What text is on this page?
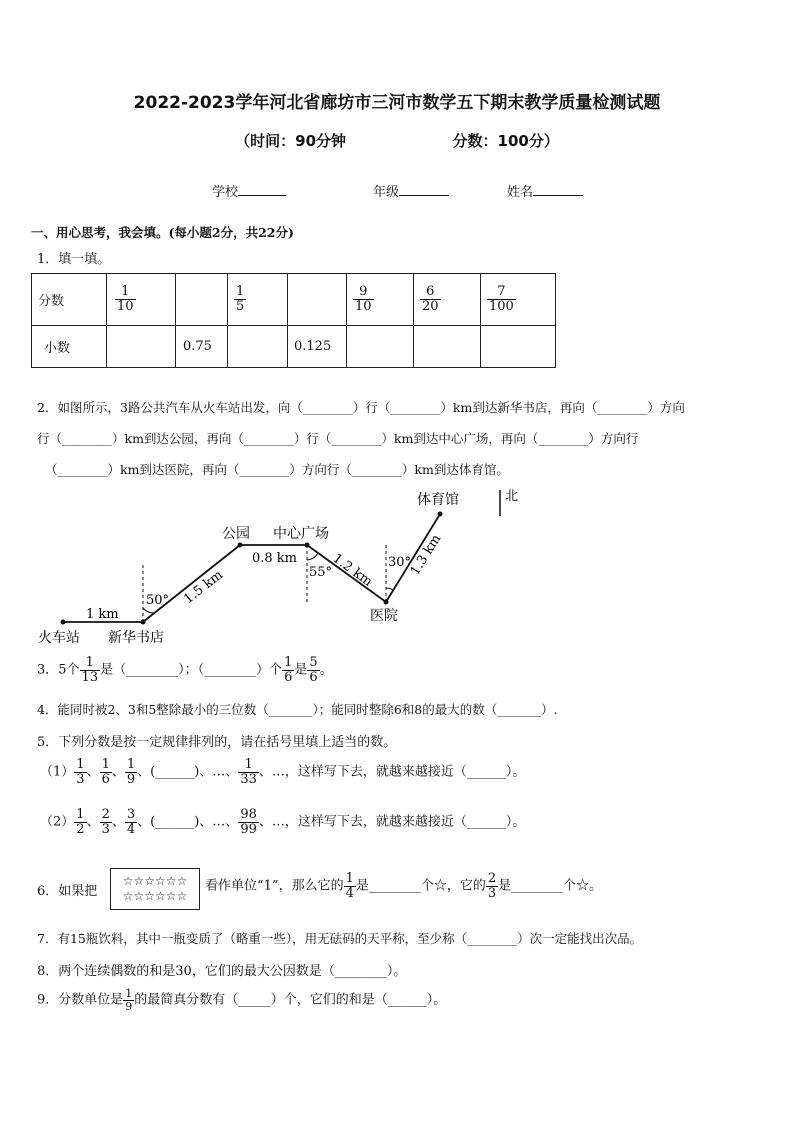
2022-2023学年河北省廊坊市三河市数学五下期末教学质量检测试题
（时间：90分钟	分数：100分）
学校	年级	姓名
一、用心思考，我会填。(每小题2分，共22分)
1．填一填。
分数	$\frac{1}{10}$		$\frac{1}{5}$		$\frac{9}{10}$	$\frac{6}{20}$	$\frac{7}{100}$

小数		0.75		0.125			
2．如图所示，3路公共汽车从火车站出发，向（________）行（________）km到达新华书店，再向（________）方向
行（________）km到达公园，再向（________）行（________）km到达中心广场，再向（________）方向行
（________）km到达医院，再向（________）方向行（________）km到达体育馆。
火车站 新华书店
公园 中心广场
医院
体育馆	北
1 km
1.5 km
0.8 km	1.2 km	1.3 km
50°
55°
30°
3．5个 $\frac{1}{13}$ 是（________）；（________）个 $\frac{1}{6}$ 是 $\frac{5}{6}$ 。
4．能同时被2、3和5整除最小的三位数（_______）；能同时整除6和8的最大的数（_______）.
5．下列分数是按一定规律排列的，请在括号里填上适当的数。
$(1) \frac{1}{3}$ 、 $\frac{1}{6}$ 、 $\frac{1}{9}$ 、(______)、…、 $\frac{1}{33}$ 、…，这样写下去，就越来越接近（______）。
$(2) \frac{1}{2}$ 、 $\frac{2}{3}$ 、 $\frac{3}{4}$ 、(______)、…、 $\frac{98}{99}$ 、…，这样写下去，就越来越接近（______）。
6．如果把
☆☆☆☆☆☆
☆☆☆☆☆☆
看作单位“1”，那么它的 $\frac{1}{4}$ 是________个☆，它的 $\frac{2}{3}$ 是________个☆。
7．有15瓶饮料，其中一瓶变质了（略重一些），用无砝码的天平称，至少称（________）次一定能找出次品。
8．两个连续偶数的和是30，它们的最大公因数是（________）。
9．分数单位是 $\frac{1}{9}$ 的最简真分数有（_____）个，它们的和是（______）。
